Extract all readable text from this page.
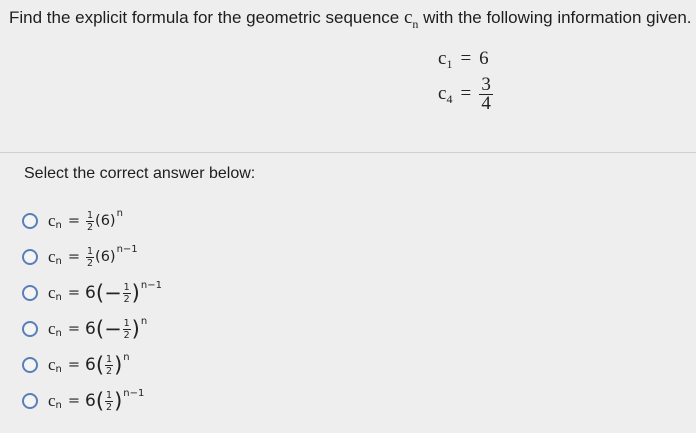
Find the explicit formula for the geometric sequence $c_n$ with the following information given.
c 1 = 6
c $4 = \frac{3}{4}$
Select the correct answer below:
c n = 1
2 (6) n
c n = 1
2 (6) n−1
c n = 6 (− 1
2 ) n−1
c n = 6 (− 1
2 ) n
c n = 6 ( 1
2 ) n
c n = 6 ( 1
2 ) n−1
